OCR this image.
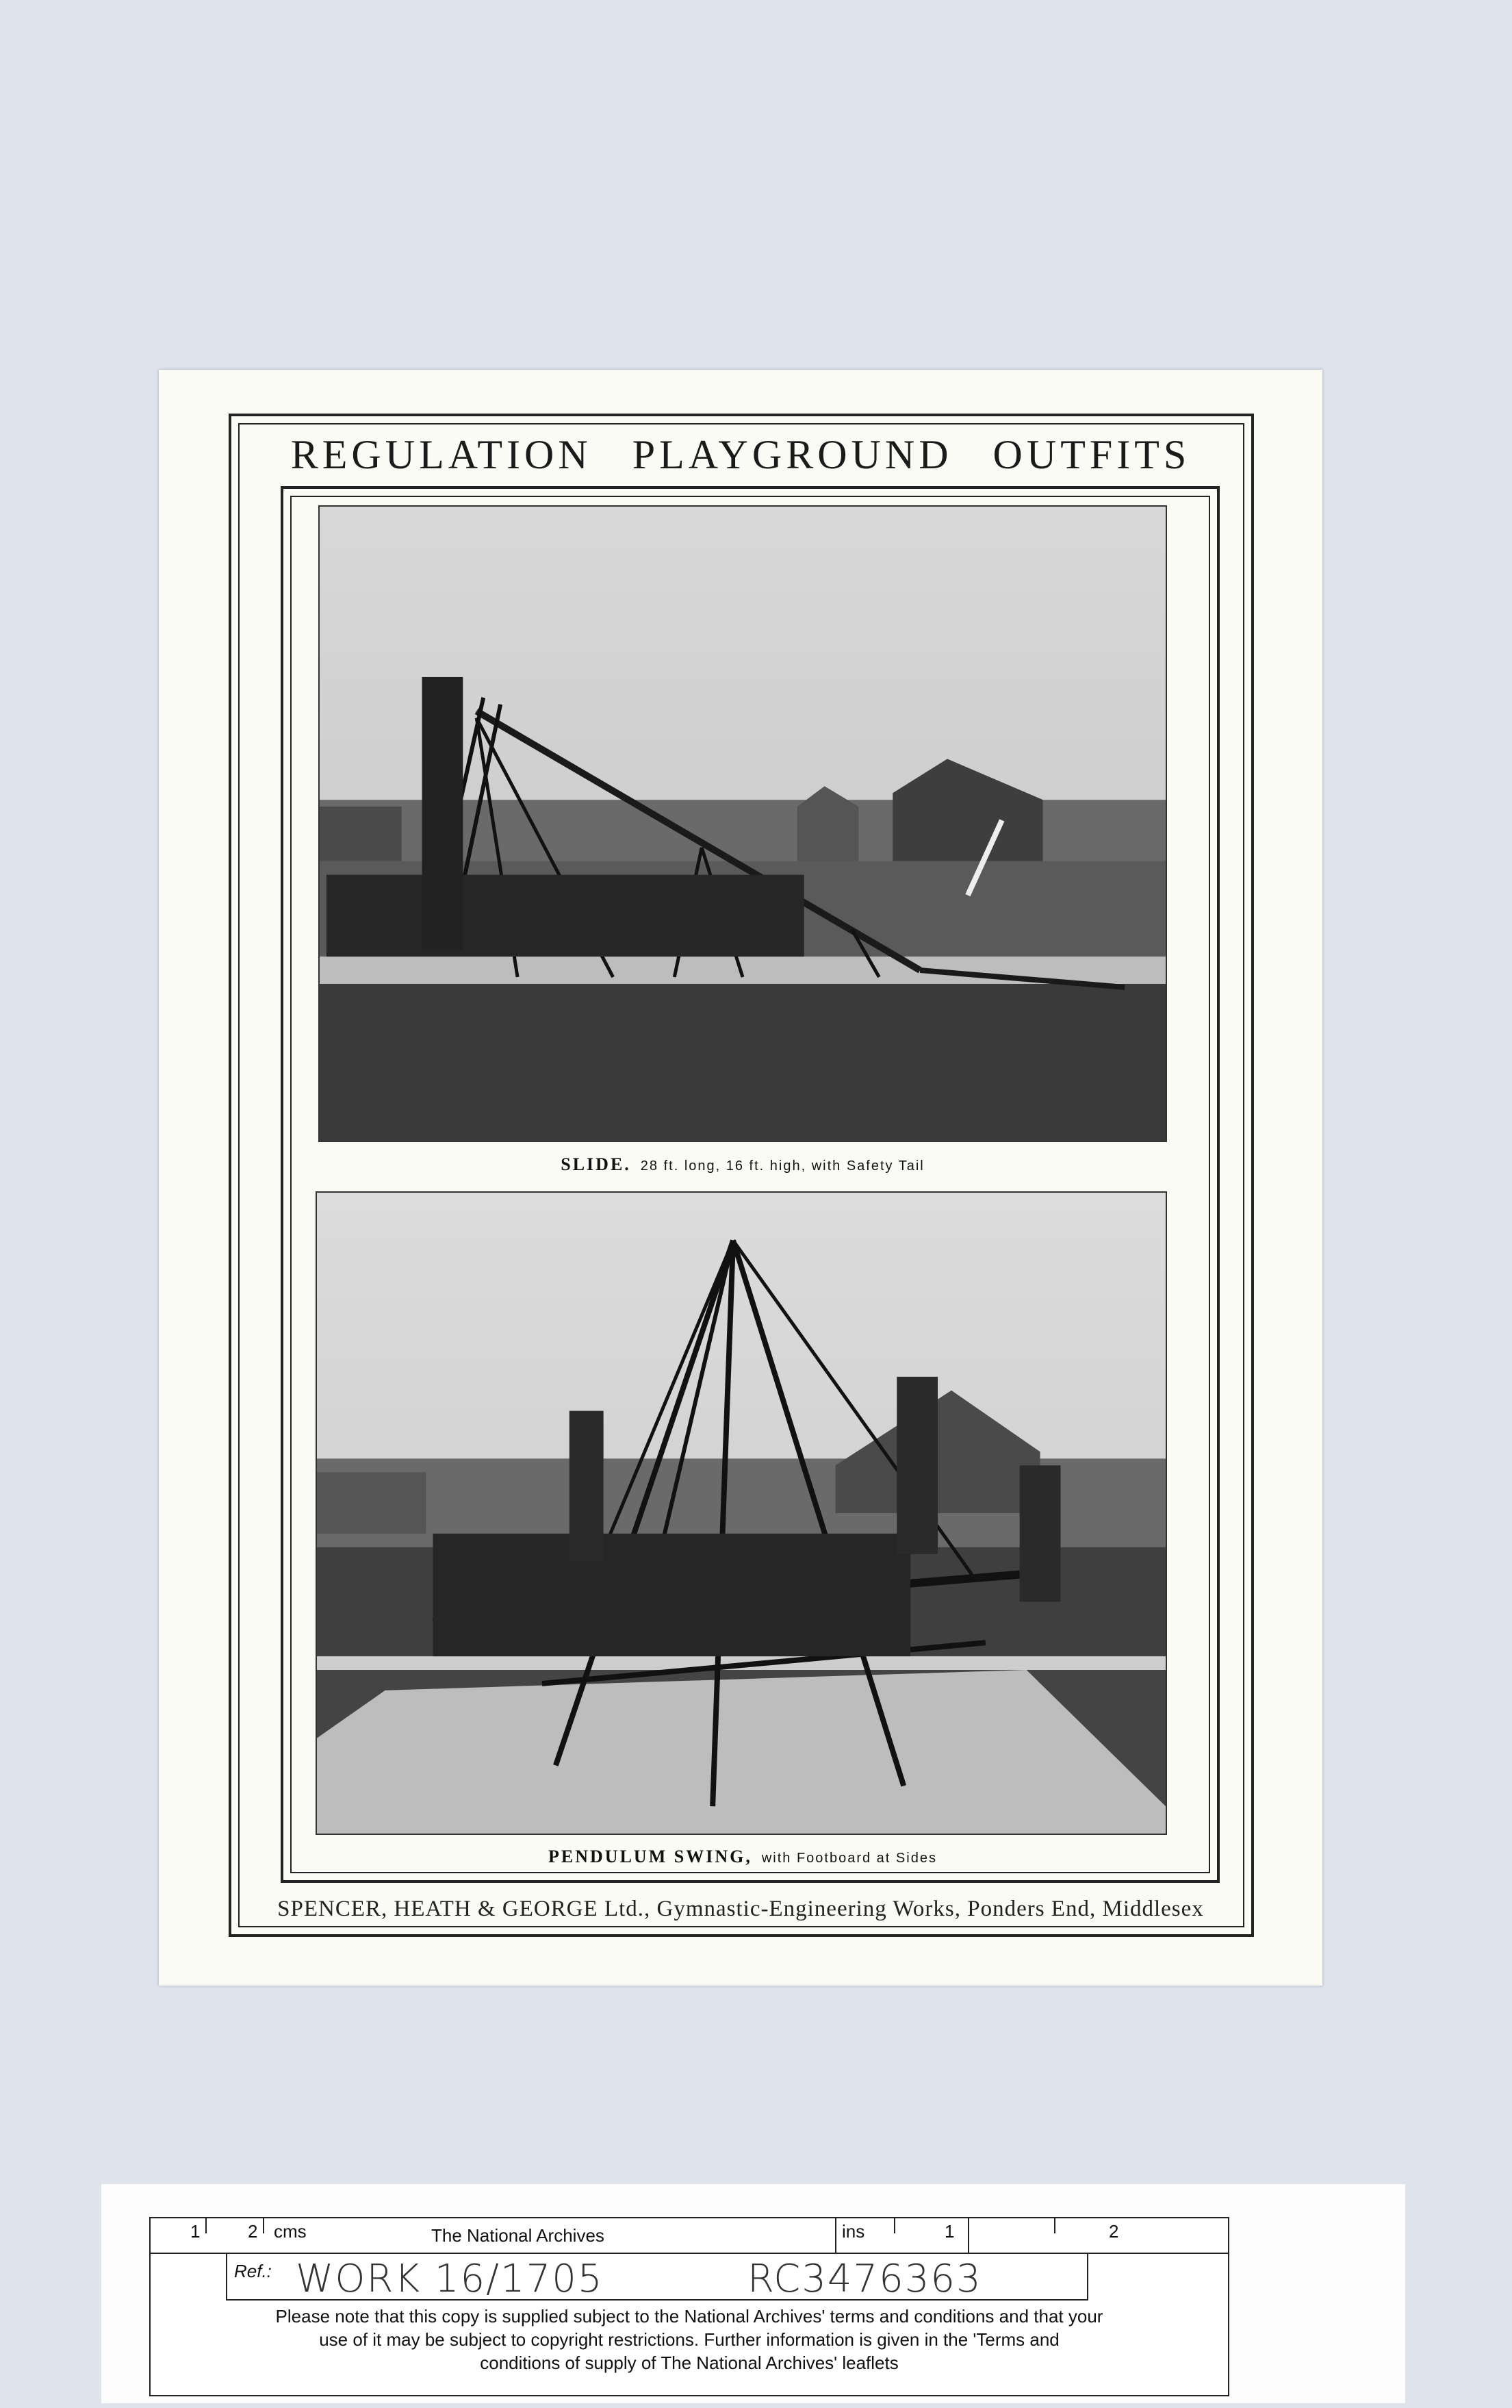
REGULATION PLAYGROUND OUTFITS
SLIDE. 28 ft. long, 16 ft. high, with Safety Tail
PENDULUM SWING, with Footboard at Sides
SPENCER, HEATH & GEORGE Ltd., Gymnastic-Engineering Works, Ponders End, Middlesex
1	2 cms	The National Archives	ins	1	2
Ref.: WORK 16/1705	RC3476363
Please note that this copy is supplied subject to the National Archives' terms and conditions and that your
use of it may be subject to copyright restrictions. Further information is given in the 'Terms and
conditions of supply of The National Archives' leaflets
